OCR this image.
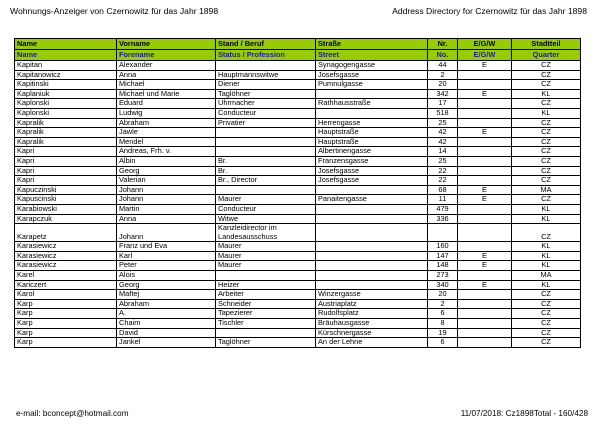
Wohnungs-Anzeiger von Czernowitz für das Jahr 1898	Address Directory for Czernowitz für das Jahr 1898
Name	Vorname	Stand / Beruf	Straße	Nr.	E/G/W	Stadtteil
Name	Forename	Status / Profession	Street	No.	E/G/W	Quarter
Kapitan	Alexander		Synagogengasse	44	E	CZ
Kapitanowicz	Anna	Hauptmannswitwe	Josefsgasse	2		CZ
Kapitinski	Michael	Diener	Pumnulgasse	20		CZ
Kaplaniuk	Michael und Marie	Taglöhner		342	E	KL
Kaplonski	Eduard	Uhrmacher	Rathhausstraße	17		CZ
Kaplonski	Ludwig	Conducteur		518		KL
Kapralik	Abraham	Privatier	Herrengasse	25		CZ
Kapralik	Jawle		Hauptstraße	42	E	CZ
Kapralik	Mendel		Hauptstraße	42		CZ
Kapri	Andreas, Frh. v.		Albertinengasse	14		CZ
Kapri	Albin	Br.	Franzensgasse	25		CZ
Kapri	Georg	Br.	Josefsgasse	22		CZ
Kapri	Valerian	Br., Director	Josefsgasse	22		CZ
Kapuczinski	Johann			68	E	MA
Kapuscinski	Johann	Maurer	Panaitengasse	11	E	CZ
Karabiowski	Martin	Conducteur		479		KL
Karapczuk	Anna	Witwe		336		KL
Karapetz	Johann	Kanzleidirector im Landesausschuss				CZ
Karasiewicz	Franz und Eva	Maurer		160		KL
Karasiewicz	Karl	Maurer		147	E	KL
Karasiewicz	Peter	Maurer		148	E	KL
Karel	Alois			273		MA
Kariczert	Georg	Heizer		340	E	KL
Karol	Maftej	Arbeiter	Winzergasse	20		CZ
Karp	Abraham	Schneider	Austriaplatz	2		CZ
Karp	A.	Tapezierer	Rudolfsplatz	6		CZ
Karp	Chaim	Tischler	Bräuhausgasse	8		CZ
Karp	David		Kürschnergasse	19		CZ
Karp	Jankel	Taglöhner	An der Lehne	6		CZ
e-mail: bconcept@hotmail.com	11/07/2018: Cz1898Total - 160/428
